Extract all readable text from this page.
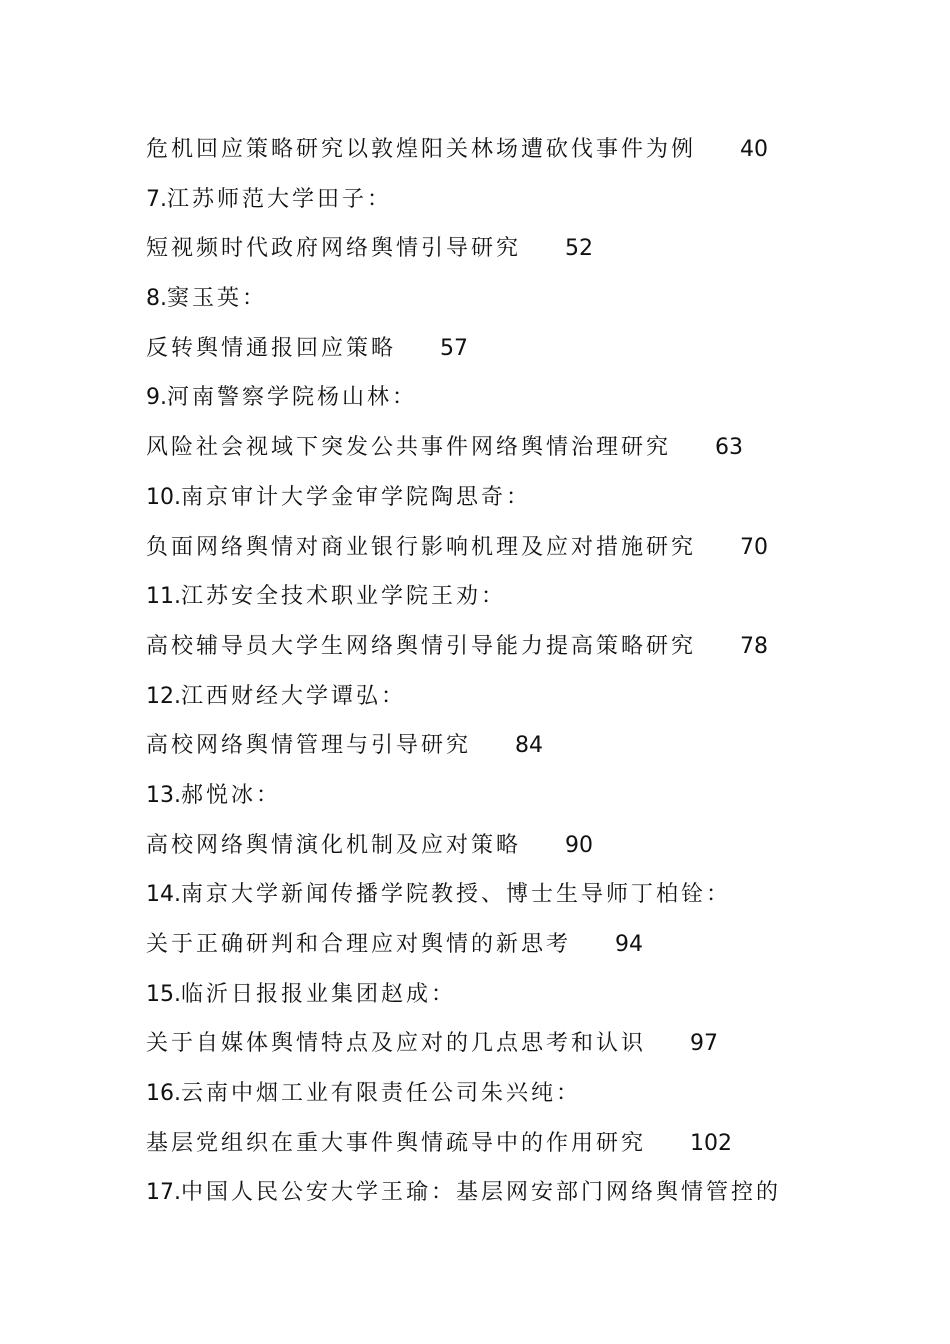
危机回应策略研究以敦煌阳关林场遭砍伐事件为例 40
7.江苏师范大学田子：
短视频时代政府网络舆情引导研究 52
8.窦玉英：
反转舆情通报回应策略 57
9.河南警察学院杨山林：
风险社会视域下突发公共事件网络舆情治理研究 63
10.南京审计大学金审学院陶思奇：
负面网络舆情对商业银行影响机理及应对措施研究 70
11.江苏安全技术职业学院王劝：
高校辅导员大学生网络舆情引导能力提高策略研究 78
12.江西财经大学谭弘：
高校网络舆情管理与引导研究 84
13.郝悦冰：
高校网络舆情演化机制及应对策略 90
14.南京大学新闻传播学院教授、博士生导师丁柏铨：
关于正确研判和合理应对舆情的新思考 94
15.临沂日报报业集团赵成：
关于自媒体舆情特点及应对的几点思考和认识 97
16.云南中烟工业有限责任公司朱兴纯：
基层党组织在重大事件舆情疏导中的作用研究 102
17.中国人民公安大学王瑜：基层网安部门网络舆情管控的
